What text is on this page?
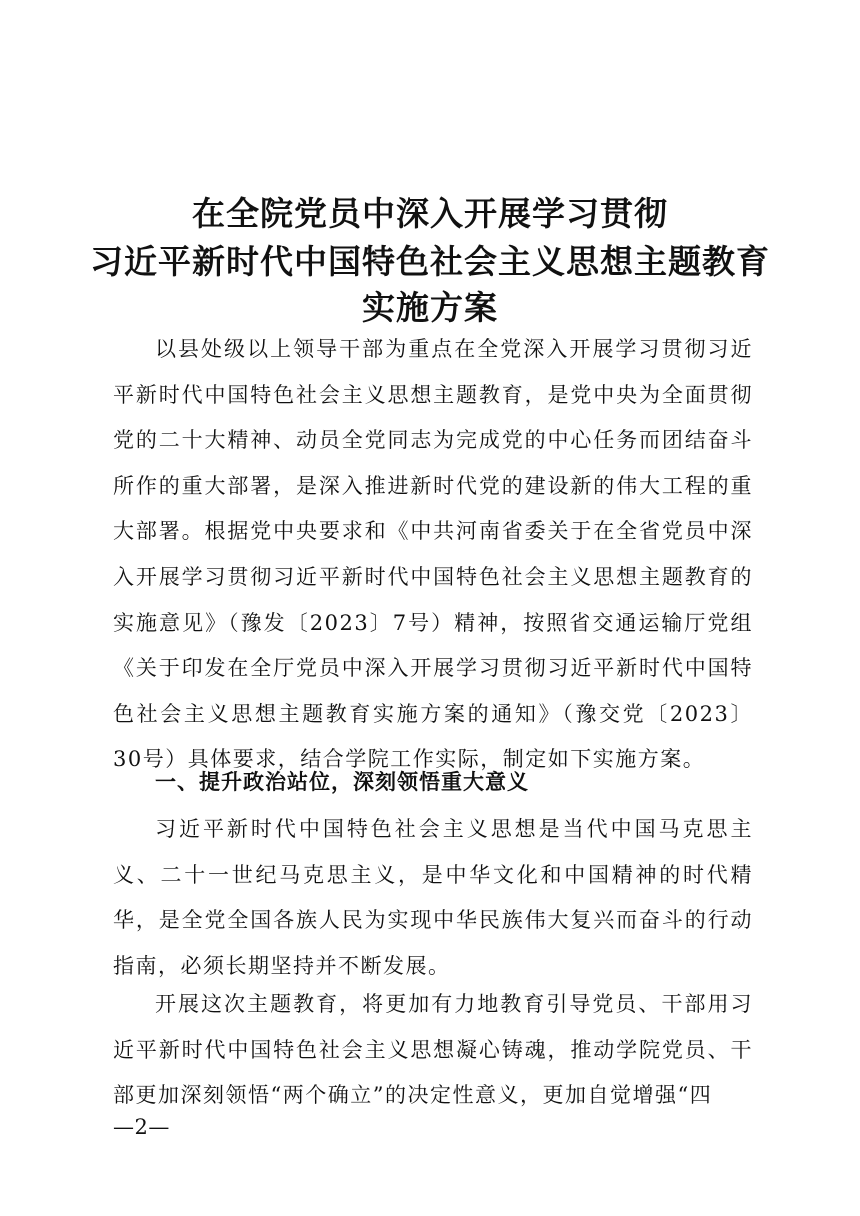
在全院党员中深入开展学习贯彻
习近平新时代中国特色社会主义思想主题教育
实施方案

以县处级以上领导干部为重点在全党深入开展学习贯彻习近平新时代中国特色社会主义思想主题教育，是党中央为全面贯彻党的二十大精神、动员全党同志为完成党的中心任务而团结奋斗所作的重大部署，是深入推进新时代党的建设新的伟大工程的重大部署。根据党中央要求和《中共河南省委关于在全省党员中深入开展学习贯彻习近平新时代中国特色社会主义思想主题教育的实施意见》（豫发〔2023〕7号）精神，按照省交通运输厅党组《关于印发在全厅党员中深入开展学习贯彻习近平新时代中国特色社会主义思想主题教育实施方案的通知》（豫交党〔2023〕30号）具体要求，结合学院工作实际，制定如下实施方案。

一、提升政治站位，深刻领悟重大意义

习近平新时代中国特色社会主义思想是当代中国马克思主义、二十一世纪马克思主义，是中华文化和中国精神的时代精华，是全党全国各族人民为实现中华民族伟大复兴而奋斗的行动指南，必须长期坚持并不断发展。

开展这次主题教育，将更加有力地教育引导党员、干部用习近平新时代中国特色社会主义思想凝心铸魂，推动学院党员、干部更加深刻领悟“两个确立”的决定性意义，更加自觉增强“四

—2—
